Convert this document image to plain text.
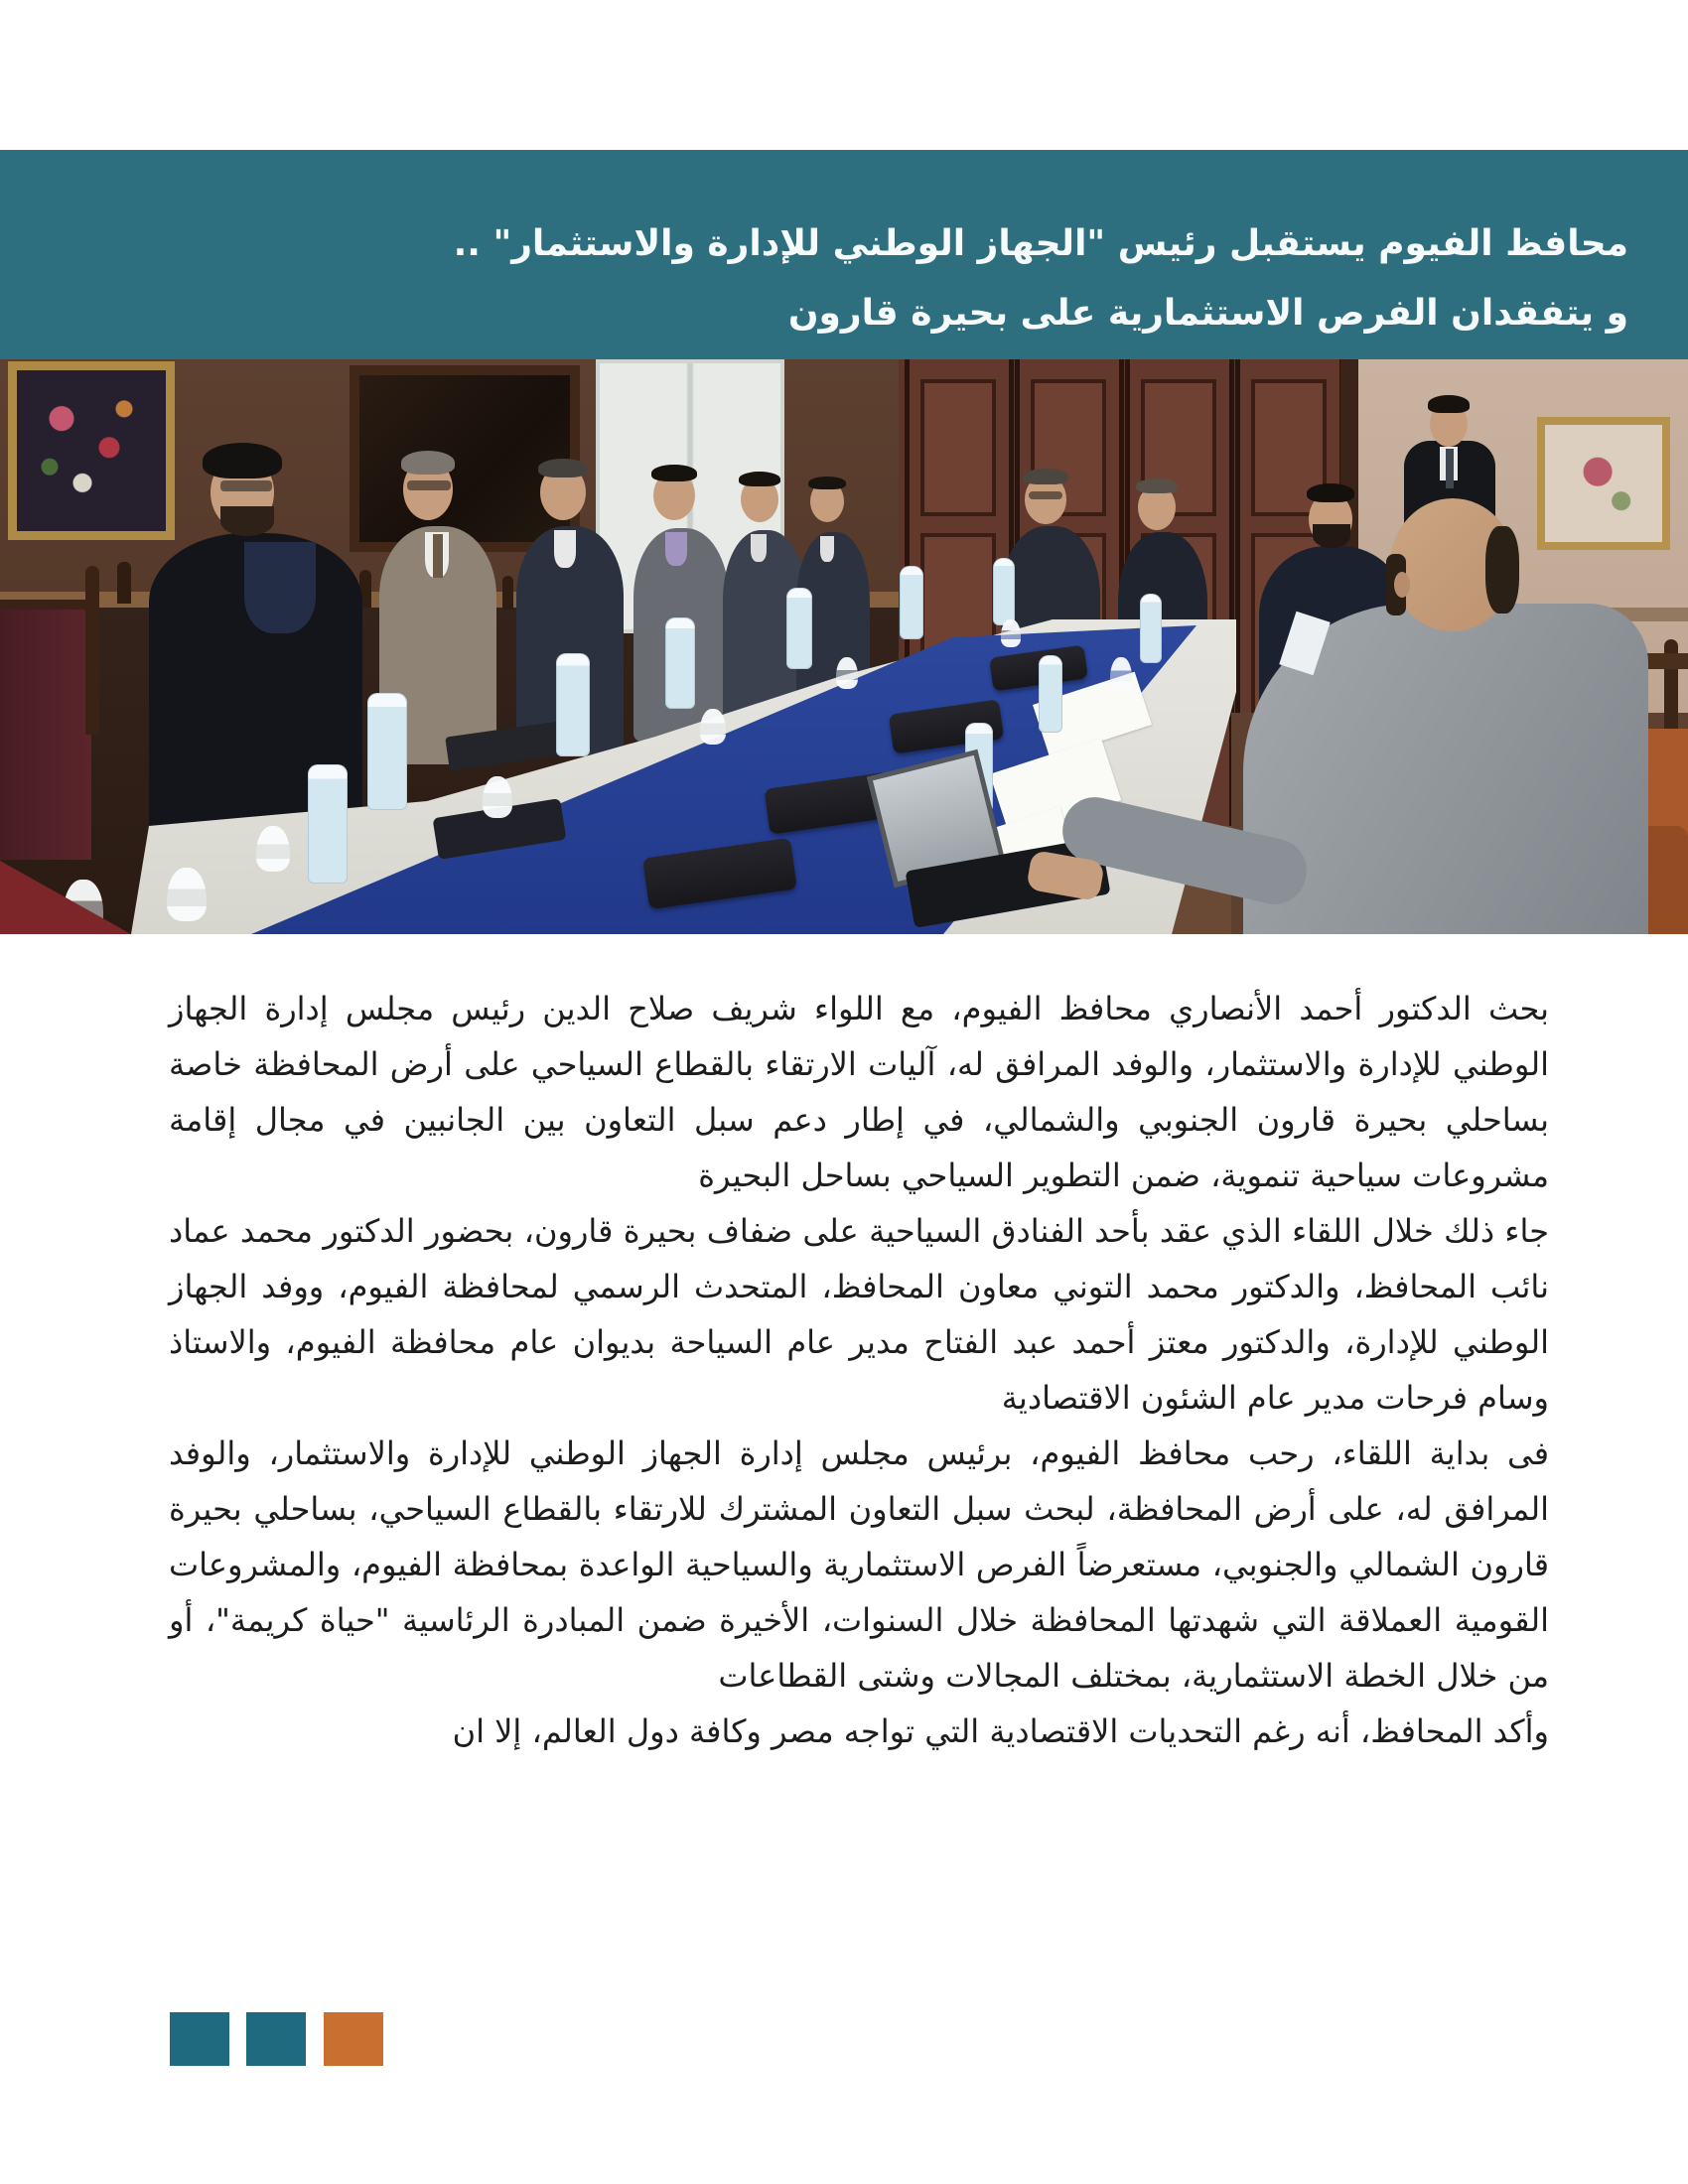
محافظ الفيوم يستقبل رئيس "الجهاز الوطني للإدارة والاستثمار" ..
و يتفقدان الفرص الاستثمارية على بحيرة قارون

بحث الدكتور أحمد الأنصاري محافظ الفيوم، مع اللواء شريف صلاح الدين رئيس مجلس إدارة الجهاز الوطني للإدارة والاستثمار، والوفد المرافق له، آليات الارتقاء بالقطاع السياحي على أرض المحافظة خاصة بساحلي بحيرة قارون الجنوبي والشمالي، في إطار دعم سبل التعاون بين الجانبين في مجال إقامة مشروعات سياحية تنموية، ضمن التطوير السياحي بساحل البحيرة

جاء ذلك خلال اللقاء الذي عقد بأحد الفنادق السياحية على ضفاف بحيرة قارون، بحضور الدكتور محمد عماد نائب المحافظ، والدكتور محمد التوني معاون المحافظ، المتحدث الرسمي لمحافظة الفيوم، ووفد الجهاز الوطني للإدارة، والدكتور معتز أحمد عبد الفتاح مدير عام السياحة بديوان عام محافظة الفيوم، والاستاذ وسام فرحات مدير عام الشئون الاقتصادية

فى بداية اللقاء، رحب محافظ الفيوم، برئيس مجلس إدارة الجهاز الوطني للإدارة والاستثمار، والوفد المرافق له، على أرض المحافظة، لبحث سبل التعاون المشترك للارتقاء بالقطاع السياحي، بساحلي بحيرة قارون الشمالي والجنوبي، مستعرضاً الفرص الاستثمارية والسياحية الواعدة بمحافظة الفيوم، والمشروعات القومية العملاقة التي شهدتها المحافظة خلال السنوات، الأخيرة ضمن المبادرة الرئاسية "حياة كريمة"، أو من خلال الخطة الاستثمارية، بمختلف المجالات وشتى القطاعات

وأكد المحافظ، أنه رغم التحديات الاقتصادية التي تواجه مصر وكافة دول العالم، إلا ان
